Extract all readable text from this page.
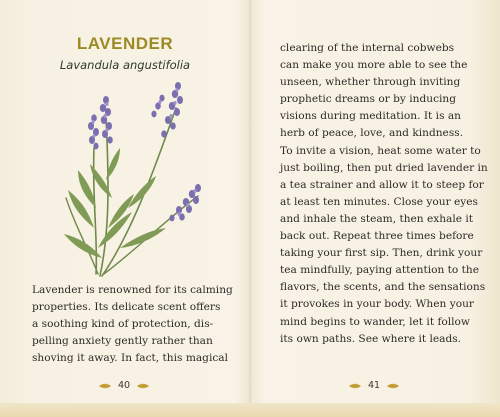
LAVENDER
Lavandula angustifolia
Lavender is renowned for its calming
properties. Its delicate scent offers
a soothing kind of protection, dis-
pelling anxiety gently rather than
shoving it away. In fact, this magical
40
clearing of the internal cobwebs
can make you more able to see the
unseen, whether through inviting
prophetic dreams or by inducing
visions during meditation. It is an
herb of peace, love, and kindness.
To invite a vision, heat some water to
just boiling, then put dried lavender in
a tea strainer and allow it to steep for
at least ten minutes. Close your eyes
and inhale the steam, then exhale it
back out. Repeat three times before
taking your first sip. Then, drink your
tea mindfully, paying attention to the
flavors, the scents, and the sensations
it provokes in your body. When your
mind begins to wander, let it follow
its own paths. See where it leads.
41
